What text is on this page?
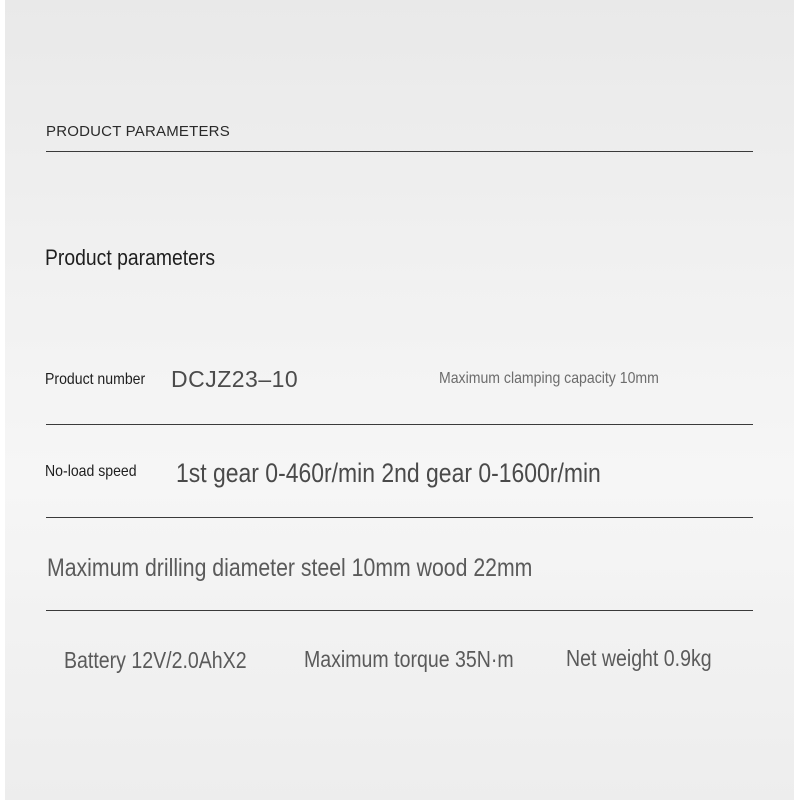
PRODUCT PARAMETERS
Product parameters
Product number DCJZ23–10	Maximum clamping capacity 10mm
No-load speed 1st gear 0-460r/min 2nd gear 0-1600r/min
Maximum drilling diameter steel 10mm wood 22mm
Battery 12V/2.0AhX2 Maximum torque 35N·m Net weight 0.9kg
